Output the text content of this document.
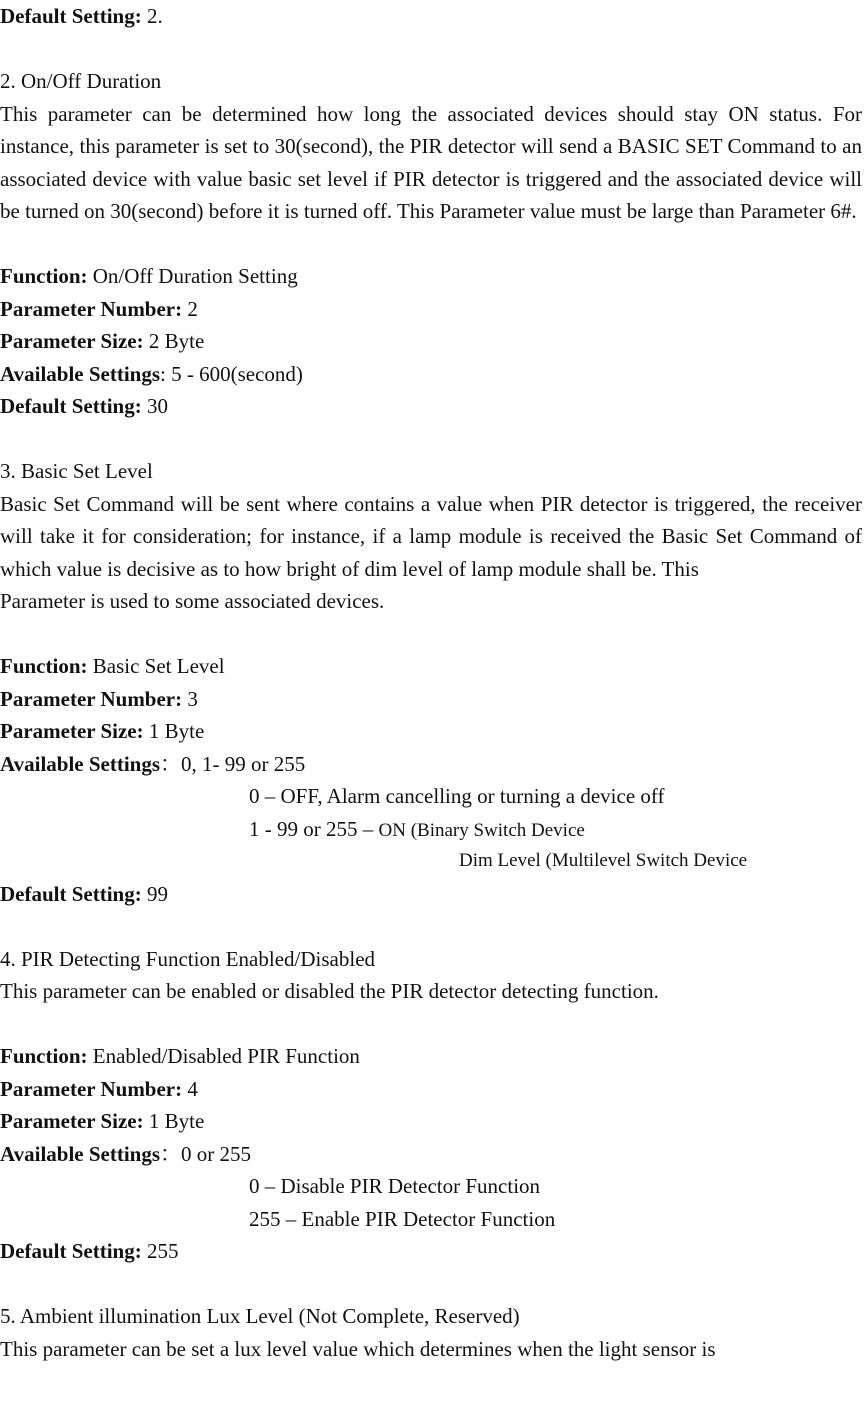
Default Setting: 2.
2. On/Off Duration
This parameter can be determined how long the associated devices should stay ON status. For instance, this parameter is set to 30(second), the PIR detector will send a BASIC SET Command to an associated device with value basic set level if PIR detector is triggered and the associated device will be turned on 30(second) before it is turned off. This Parameter value must be large than Parameter 6#.
Function: On/Off Duration Setting
Parameter Number: 2
Parameter Size: 2 Byte
Available Settings: 5 - 600(second)
Default Setting: 30
3. Basic Set Level
Basic Set Command will be sent where contains a value when PIR detector is triggered, the receiver will take it for consideration; for instance, if a lamp module is received the Basic Set Command of which value is decisive as to how bright of dim level of lamp module shall be. This
Parameter is used to some associated devices.
Function: Basic Set Level
Parameter Number: 3
Parameter Size: 1 Byte
Available Settings：0, 1- 99 or 255
0 – OFF, Alarm cancelling or turning a device off
1 - 99 or 255 – ON (Binary Switch Device
Dim Level (Multilevel Switch Device
Default Setting: 99
4. PIR Detecting Function Enabled/Disabled
This parameter can be enabled or disabled the PIR detector detecting function.
Function: Enabled/Disabled PIR Function
Parameter Number: 4
Parameter Size: 1 Byte
Available Settings：0 or 255
0 – Disable PIR Detector Function
255 – Enable PIR Detector Function
Default Setting: 255
5. Ambient illumination Lux Level (Not Complete, Reserved)
This parameter can be set a lux level value which determines when the light sensor is
